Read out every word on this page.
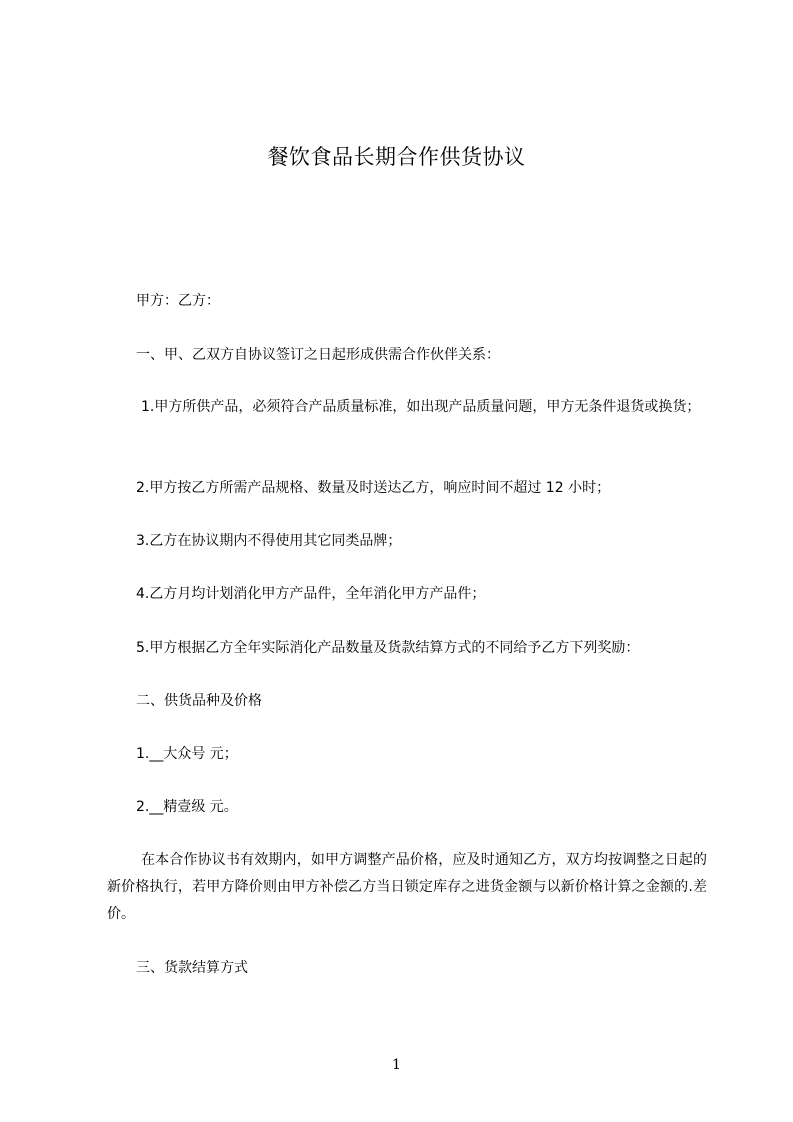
餐饮食品长期合作供货协议
甲方：乙方：
一、甲、乙双方自协议签订之日起形成供需合作伙伴关系：
1.甲方所供产品，必须符合产品质量标准，如出现产品质量问题，甲方无条件退货或换货；
2.甲方按乙方所需产品规格、数量及时送达乙方，响应时间不超过 12 小时；
3.乙方在协议期内不得使用其它同类品牌；
4.乙方月均计划消化甲方产品件，全年消化甲方产品件；
5.甲方根据乙方全年实际消化产品数量及货款结算方式的不同给予乙方下列奖励：
二、供货品种及价格
1.__大众号 元；
2.__精壹级 元。
在本合作协议书有效期内，如甲方调整产品价格，应及时通知乙方，双方均按调整之日起的新价格执行，若甲方降价则由甲方补偿乙方当日锁定库存之进货金额与以新价格计算之金额的.差价。
三、货款结算方式
1
